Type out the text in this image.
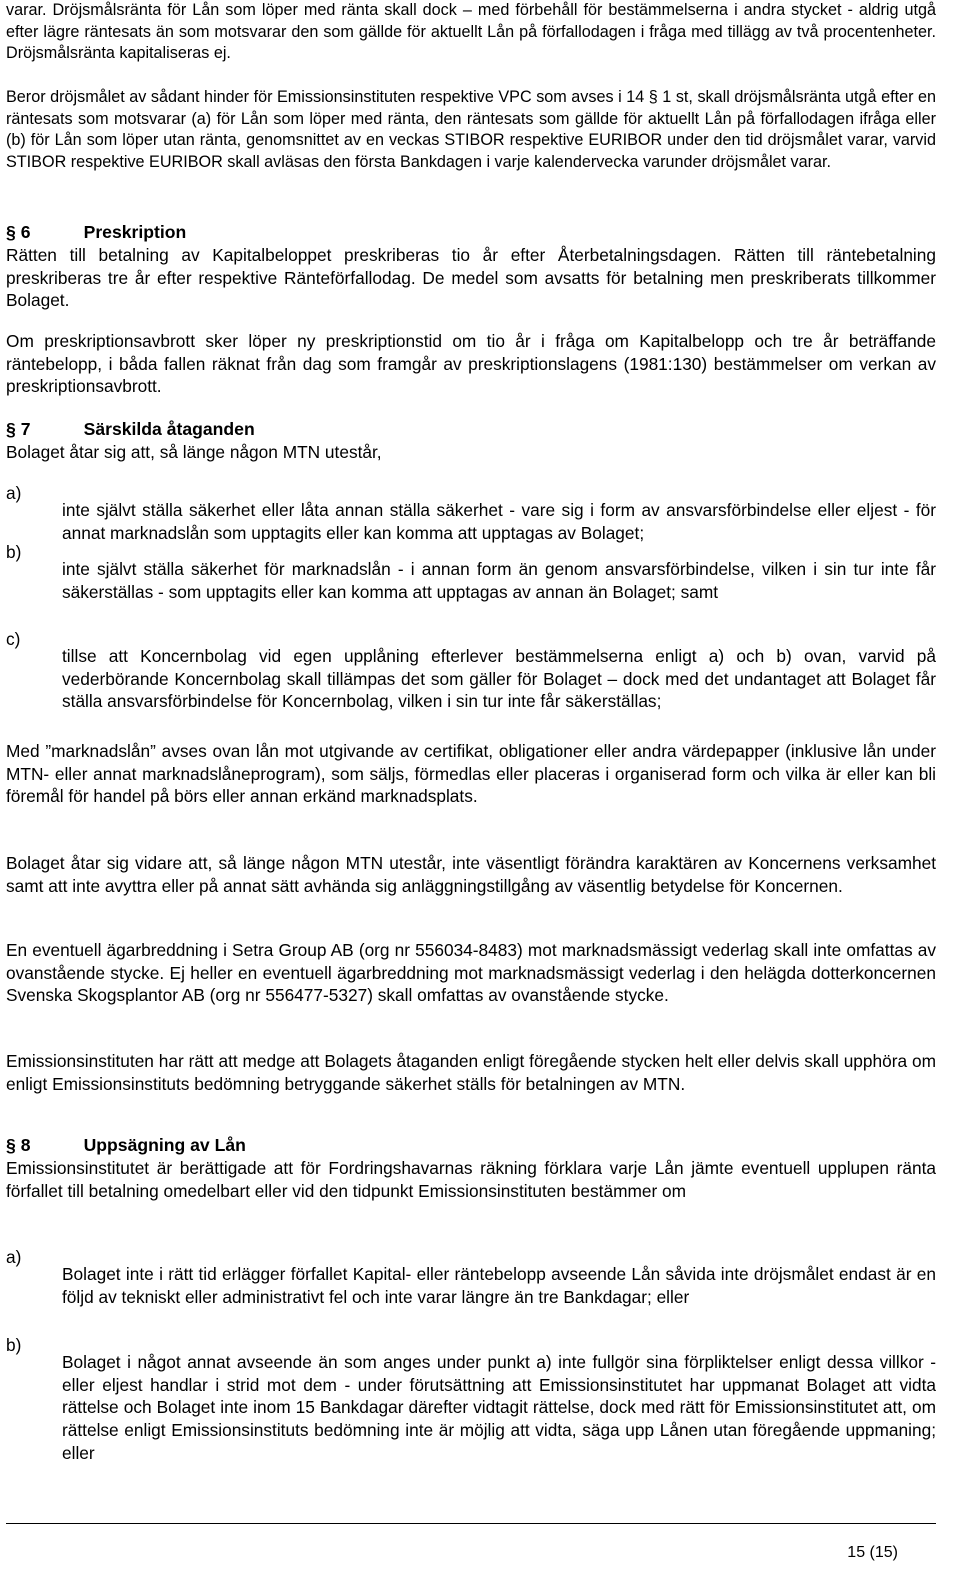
varar. Dröjsmålsränta för Lån som löper med ränta skall dock – med förbehåll för bestämmelserna i andra stycket - aldrig utgå efter lägre räntesats än som motsvarar den som gällde för aktuellt Lån på förfallodagen i fråga med tillägg av två procentenheter. Dröjsmålsränta kapitaliseras ej.

Beror dröjsmålet av sådant hinder för Emissionsinstituten respektive VPC som avses i 14 § 1 st, skall dröjsmålsränta utgå efter en räntesats som motsvarar (a) för Lån som löper med ränta, den räntesats som gällde för aktuellt Lån på förfallodagen ifråga eller (b) för Lån som löper utan ränta, genomsnittet av en veckas STIBOR respektive EURIBOR under den tid dröjsmålet varar, varvid STIBOR respektive EURIBOR skall avläsas den första Bankdagen i varje kalendervecka varunder dröjsmålet varar.

§ 6	Preskription

Rätten till betalning av Kapitalbeloppet preskriberas tio år efter Återbetalningsdagen. Rätten till räntebetalning preskriberas tre år efter respektive Ränteförfallodag. De medel som avsatts för betalning men preskriberats tillkommer Bolaget.

Om preskriptionsavbrott sker löper ny preskriptionstid om tio år i fråga om Kapitalbelopp och tre år beträffande räntebelopp, i båda fallen räknat från dag som framgår av preskriptionslagens (1981:130) bestämmelser om verkan av preskriptionsavbrott.

§ 7	Särskilda åtaganden

Bolaget åtar sig att, så länge någon MTN utestår,

a)

inte självt ställa säkerhet eller låta annan ställa säkerhet - vare sig i form av ansvarsförbindelse eller eljest - för annat marknadslån som upptagits eller kan komma att upptagas av Bolaget;

b)

inte självt ställa säkerhet för marknadslån - i annan form än genom ansvarsförbindelse, vilken i sin tur inte får säkerställas - som upptagits eller kan komma att upptagas av annan än Bolaget; samt

c)

tillse att Koncernbolag vid egen upplåning efterlever bestämmelserna enligt a) och b) ovan, varvid på vederbörande Koncernbolag skall tillämpas det som gäller för Bolaget – dock med det undantaget att Bolaget får ställa ansvarsförbindelse för Koncernbolag, vilken i sin tur inte får säkerställas;

Med ”marknadslån” avses ovan lån mot utgivande av certifikat, obligationer eller andra värdepapper (inklusive lån under MTN- eller annat marknadslåneprogram), som säljs, förmedlas eller placeras i organiserad form och vilka är eller kan bli föremål för handel på börs eller annan erkänd marknadsplats.

Bolaget åtar sig vidare att, så länge någon MTN utestår, inte väsentligt förändra karaktären av Koncernens verksamhet samt att inte avyttra eller på annat sätt avhända sig anläggningstillgång av väsentlig betydelse för Koncernen.

En eventuell ägarbreddning i Setra Group AB (org nr 556034-8483) mot marknadsmässigt vederlag skall inte omfattas av ovanstående stycke. Ej heller en eventuell ägarbreddning mot marknadsmässigt vederlag i den helägda dotterkoncernen Svenska Skogsplantor AB (org nr 556477-5327) skall omfattas av ovanstående stycke.

Emissionsinstituten har rätt att medge att Bolagets åtaganden enligt föregående stycken helt eller delvis skall upphöra om enligt Emissionsinstituts bedömning betryggande säkerhet ställs för betalningen av MTN.

§ 8	Uppsägning av Lån

Emissionsinstitutet är berättigade att för Fordringshavarnas räkning förklara varje Lån jämte eventuell upplupen ränta förfallet till betalning omedelbart eller vid den tidpunkt Emissionsinstituten bestämmer om

a)

Bolaget inte i rätt tid erlägger förfallet Kapital- eller räntebelopp avseende Lån såvida inte dröjsmålet endast är en följd av tekniskt eller administrativt fel och inte varar längre än tre Bankdagar; eller

b)

Bolaget i något annat avseende än som anges under punkt a) inte fullgör sina förpliktelser enligt dessa villkor - eller eljest handlar i strid mot dem - under förutsättning att Emissionsinstitutet har uppmanat Bolaget att vidta rättelse och Bolaget inte inom 15 Bankdagar därefter vidtagit rättelse, dock med rätt för Emissionsinstitutet att, om rättelse enligt Emissionsinstituts bedömning inte är möjlig att vidta, säga upp Lånen utan föregående uppmaning; eller

15 (15)
